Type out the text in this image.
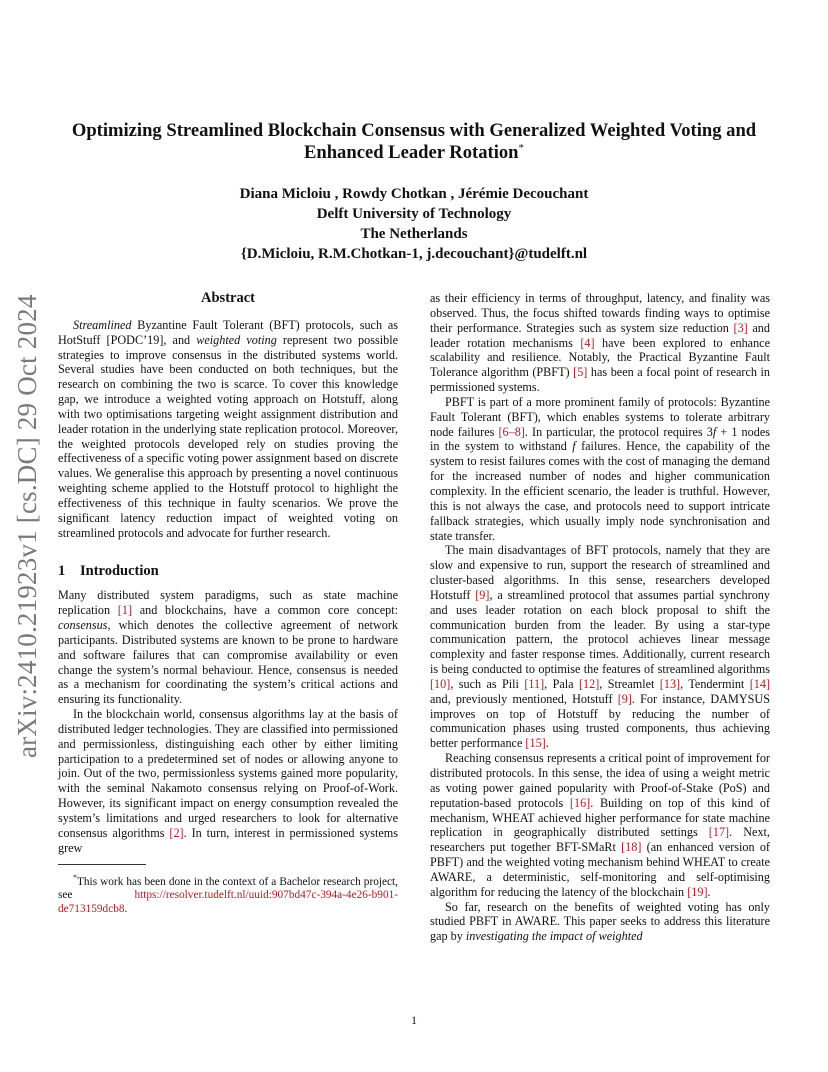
Optimizing Streamlined Blockchain Consensus with Generalized Weighted Voting and Enhanced Leader Rotation*
Diana Micloiu , Rowdy Chotkan , Jérémie Decouchant
Delft University of Technology
The Netherlands
{D.Micloiu, R.M.Chotkan-1, j.decouchant}@tudelft.nl
arXiv:2410.21923v1 [cs.DC] 29 Oct 2024	Abstract

Streamlined Byzantine Fault Tolerant (BFT) protocols, such as HotStuff [PODC’19], and weighted voting represent two possible strategies to improve consensus in the distributed systems world. Several studies have been conducted on both techniques, but the research on combining the two is scarce. To cover this knowledge gap, we introduce a weighted voting approach on Hotstuff, along with two optimisations targeting weight assignment distribution and leader rotation in the underlying state replication protocol. Moreover, the weighted protocols developed rely on studies proving the effectiveness of a specific voting power assignment based on discrete values. We generalise this approach by presenting a novel continuous weighting scheme applied to the Hotstuff protocol to highlight the effectiveness of this technique in faulty scenarios. We prove the significant latency reduction impact of weighted voting on streamlined protocols and advocate for further research.

1 Introduction

Many distributed system paradigms, such as state machine replication [1] and blockchains, have a common core concept: consensus, which denotes the collective agreement of network participants. Distributed systems are known to be prone to hardware and software failures that can compromise availability or even change the system’s normal behaviour. Hence, consensus is needed as a mechanism for coordinating the system’s critical actions and ensuring its functionality.

In the blockchain world, consensus algorithms lay at the basis of distributed ledger technologies. They are classified into permissioned and permissionless, distinguishing each other by either limiting participation to a predetermined set of nodes or allowing anyone to join. Out of the two, permissionless systems gained more popularity, with the seminal Nakamoto consensus relying on Proof-of-Work. However, its significant impact on energy consumption revealed the system’s limitations and urged researchers to look for alternative consensus algorithms [2]. In turn, interest in permissioned systems grew

*This work has been done in the context of a Bachelor research project, see https://resolver.tudelft.nl/uuid:907bd47c-394a-4e26-b901-de713159dcb8.

as their efficiency in terms of throughput, latency, and finality was observed. Thus, the focus shifted towards finding ways to optimise their performance. Strategies such as system size reduction [3] and leader rotation mechanisms [4] have been explored to enhance scalability and resilience. Notably, the Practical Byzantine Fault Tolerance algorithm (PBFT) [5] has been a focal point of research in permissioned systems.

PBFT is part of a more prominent family of protocols: Byzantine Fault Tolerant (BFT), which enables systems to tolerate arbitrary node failures [6–8]. In particular, the protocol requires 3f + 1 nodes in the system to withstand f failures. Hence, the capability of the system to resist failures comes with the cost of managing the demand for the increased number of nodes and higher communication complexity. In the efficient scenario, the leader is truthful. However, this is not always the case, and protocols need to support intricate fallback strategies, which usually imply node synchronisation and state transfer.

The main disadvantages of BFT protocols, namely that they are slow and expensive to run, support the research of streamlined and cluster-based algorithms. In this sense, researchers developed Hotstuff [9], a streamlined protocol that assumes partial synchrony and uses leader rotation on each block proposal to shift the communication burden from the leader. By using a star-type communication pattern, the protocol achieves linear message complexity and faster response times. Additionally, current research is being conducted to optimise the features of streamlined algorithms [10], such as Pili [11], Pala [12], Streamlet [13], Tendermint [14] and, previously mentioned, Hotstuff [9]. For instance, DAMYSUS improves on top of Hotstuff by reducing the number of communication phases using trusted components, thus achieving better performance [15].

Reaching consensus represents a critical point of improvement for distributed protocols. In this sense, the idea of using a weight metric as voting power gained popularity with Proof-of-Stake (PoS) and reputation-based protocols [16]. Building on top of this kind of mechanism, WHEAT achieved higher performance for state machine replication in geographically distributed settings [17]. Next, researchers put together BFT-SMaRt [18] (an enhanced version of PBFT) and the weighted voting mechanism behind WHEAT to create AWARE, a deterministic, self-monitoring and self-optimising algorithm for reducing the latency of the blockchain [19].

So far, research on the benefits of weighted voting has only studied PBFT in AWARE. This paper seeks to address this literature gap by investigating the impact of weighted

1
